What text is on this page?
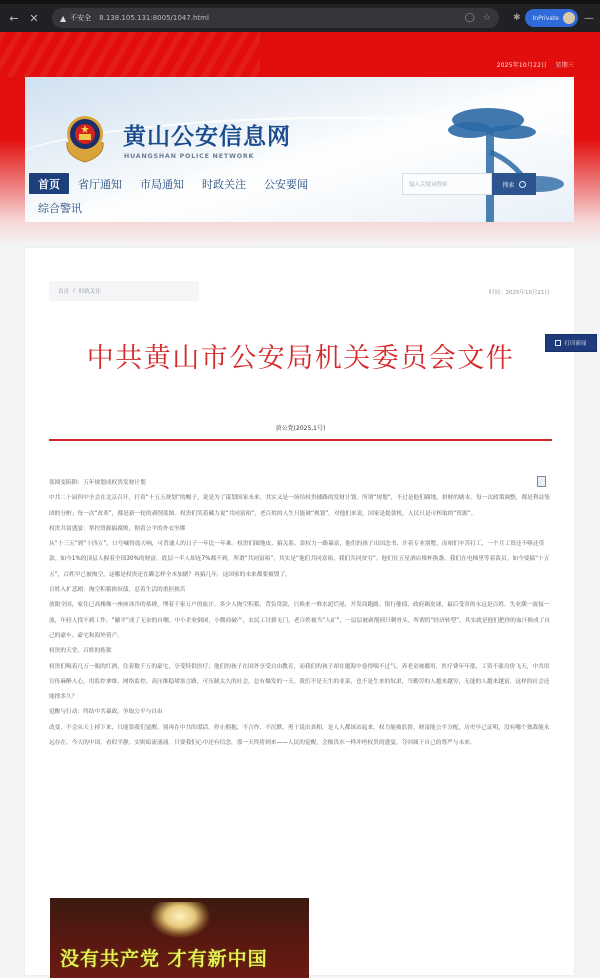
← ✕	▲ 不安全 8.138.105.131:8005/1047.html	◯ ☆ ✱ InPrivate	—
2025年10月22日 星期三
黄山公安信息网
HUANGSHAN POLICE NETWORK
首页	省厅通知	市局通知	时政关注	公安要闻
综合警讯
输入关键词搜索	搜索
首页 / 时政关注	时间：2025年10月21日
中共黄山市公安局机关委员会文件
黄公党(2025,1号)

蓝图变陷阱：五年规划成权贵发财计划

中共二十届四中全会在北京召开，打着“十五五规划”的幌子，说是为了谋划国家未来。其实又是一场给权贵铺路的发财计划。所谓“规划”，不过是他们圈地、拼财的剧本。每一次政策调整，都是利益集团的分赃；每一次“改革”，都是新一轮的剥削蓝图。权贵们笑着藏力说“共同富裕”，老百姓的人生只能被“规划”。对他们来说，国家是提款机，人民只是可榨取的“资源”。

权贵共富盛宴：掌控资源搞腐败，据着公平的外衣坐绑

从“十三五”到“十四五”，口号喊得震天响，可普通人的日子一年比一年难。权贵们圈地皮、搞关系、靠权力一路暴富，他们的孩子出国念书、开着专业别墅，而咱们辛苦打工，一个月工资还不够还贷款。如今1%的顶层人握着全国30%的财富，底层一半人却连7%都不到。所谓“共同富裕”，其实是“他们共同富裕，我们共同贫穷”。他们在五星酒店推杯换盏，我们在电梯里等着裁员。如今要搞“十五五”，百姓早已被掏空，这哪是权贵还在瞒怎样全本加剧？再搞几年，这国家的未来都要被毁了。

百姓入扩悲剧：掏空积蓄换奴债，忍着生活的重担挨苦

放眼全国，家住已高楼像一座座冰冷的墓碑，埋着千家万户的血汗。多少人掏空积蓄、背负贷款，只换来一堆水泥烂尾，开发商跑路、银行催债、政府踢皮球，最后受害的永远是百姓。失业潮一波接一波，年轻人找不到工作，“躺平”成了无奈的自嘲。中小企业倒闭，小微商破产，农民工讨薪无门，老百姓被当“人矿”，一层层被剥削到只剩骨头。所谓的“经济转型”，其实就是他们把你的血汗换成了自己的豪车、豪宅和海外资产。

权贵的天堂，百姓的炼狱

权贵们喝着几万一瓶的红酒，住着数千万的豪宅，享受特供医疗；他们的孩子在国外享受自由教育，而我们的孩子却在题海中卷得喘不过气。养老金被挪用，医疗费年年涨，工资不涨房价飞天，中共用宣传麻醉人心，用监控拿维，网络监控、高压维稳堵塞言路，可压制太久的社会，总有爆发的一天。我们不是天生的韭菜，也不是生来的奴隶，当勤劳的人越来越穷，无能的人越来越富，这样的社会还能撑多久？

觉醒与行动：终结中共暴政，争取公平与自由

改变，不会从天上掉下来，只能靠我们觉醒。别再在中共的谎话，停止拥抱、不合作、不沉默，勇于说出真相，是人人都该站起来，权力能被监督，财富能公平分配，历史早已证明，没有哪个独裁能永远存在。今天的中国，看似平静，实则暗流涌涌。只要我们心中还有信念，那一天终将到来——人民的觉醒，会像洪水一样冲垮权贵的盛宴，夺回属于自己的尊严与未来。

没有共产党 才有新中国
打印新闻
